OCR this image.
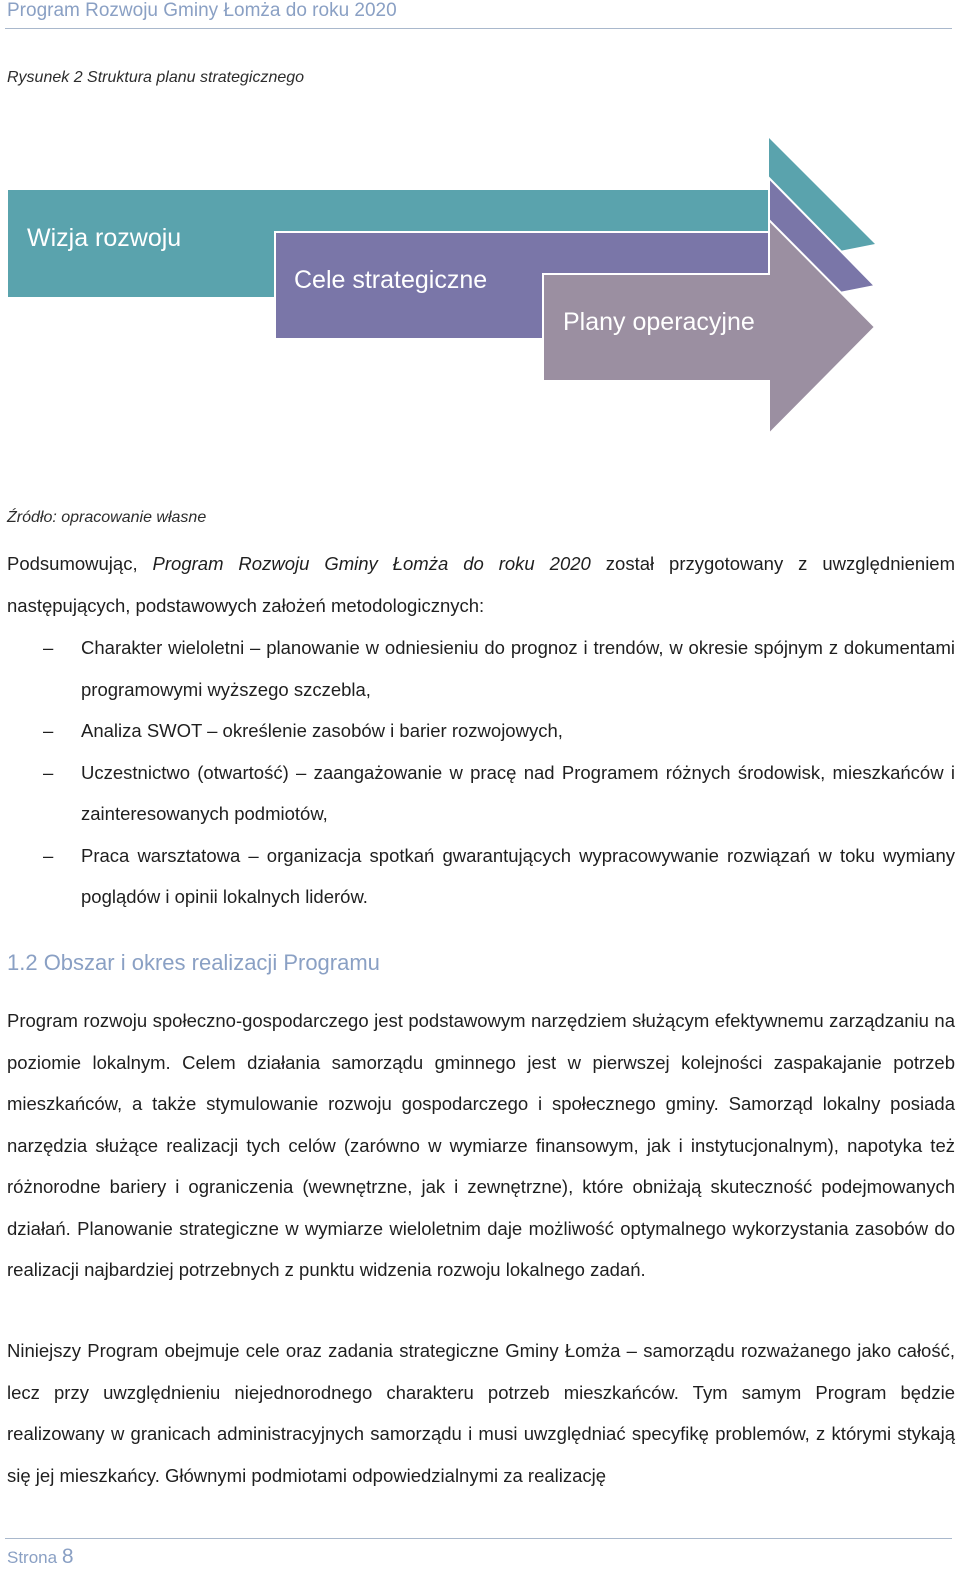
Program Rozwoju Gminy Łomża do roku 2020
Rysunek 2 Struktura planu strategicznego
Wizja rozwoju
Cele strategiczne
Plany operacyjne
Źródło: opracowanie własne
Podsumowując, Program Rozwoju Gminy Łomża do roku 2020 został przygotowany z uwzględnieniem następujących, podstawowych założeń metodologicznych:
– Charakter wieloletni – planowanie w odniesieniu do prognoz i trendów, w okresie spójnym z dokumentami programowymi wyższego szczebla,
– Analiza SWOT – określenie zasobów i barier rozwojowych,
– Uczestnictwo (otwartość) – zaangażowanie w pracę nad Programem różnych środowisk, mieszkańców i zainteresowanych podmiotów,
– Praca warsztatowa – organizacja spotkań gwarantujących wypracowywanie rozwiązań w toku wymiany poglądów i opinii lokalnych liderów.
1.2 Obszar i okres realizacji Programu
Program rozwoju społeczno-gospodarczego jest podstawowym narzędziem służącym efektywnemu zarządzaniu na poziomie lokalnym. Celem działania samorządu gminnego jest w pierwszej kolejności zaspakajanie potrzeb mieszkańców, a także stymulowanie rozwoju gospodarczego i społecznego gminy. Samorząd lokalny posiada narzędzia służące realizacji tych celów (zarówno w wymiarze finansowym, jak i instytucjonalnym), napotyka też różnorodne bariery i ograniczenia (wewnętrzne, jak i zewnętrzne), które obniżają skuteczność podejmowanych działań. Planowanie strategiczne w wymiarze wieloletnim daje możliwość optymalnego wykorzystania zasobów do realizacji najbardziej potrzebnych z punktu widzenia rozwoju lokalnego zadań.
Niniejszy Program obejmuje cele oraz zadania strategiczne Gminy Łomża – samorządu rozważanego jako całość, lecz przy uwzględnieniu niejednorodnego charakteru potrzeb mieszkańców. Tym samym Program będzie realizowany w granicach administracyjnych samorządu i musi uwzględniać specyfikę problemów, z którymi stykają się jej mieszkańcy. Głównymi podmiotami odpowiedzialnymi za realizację
Strona 8
